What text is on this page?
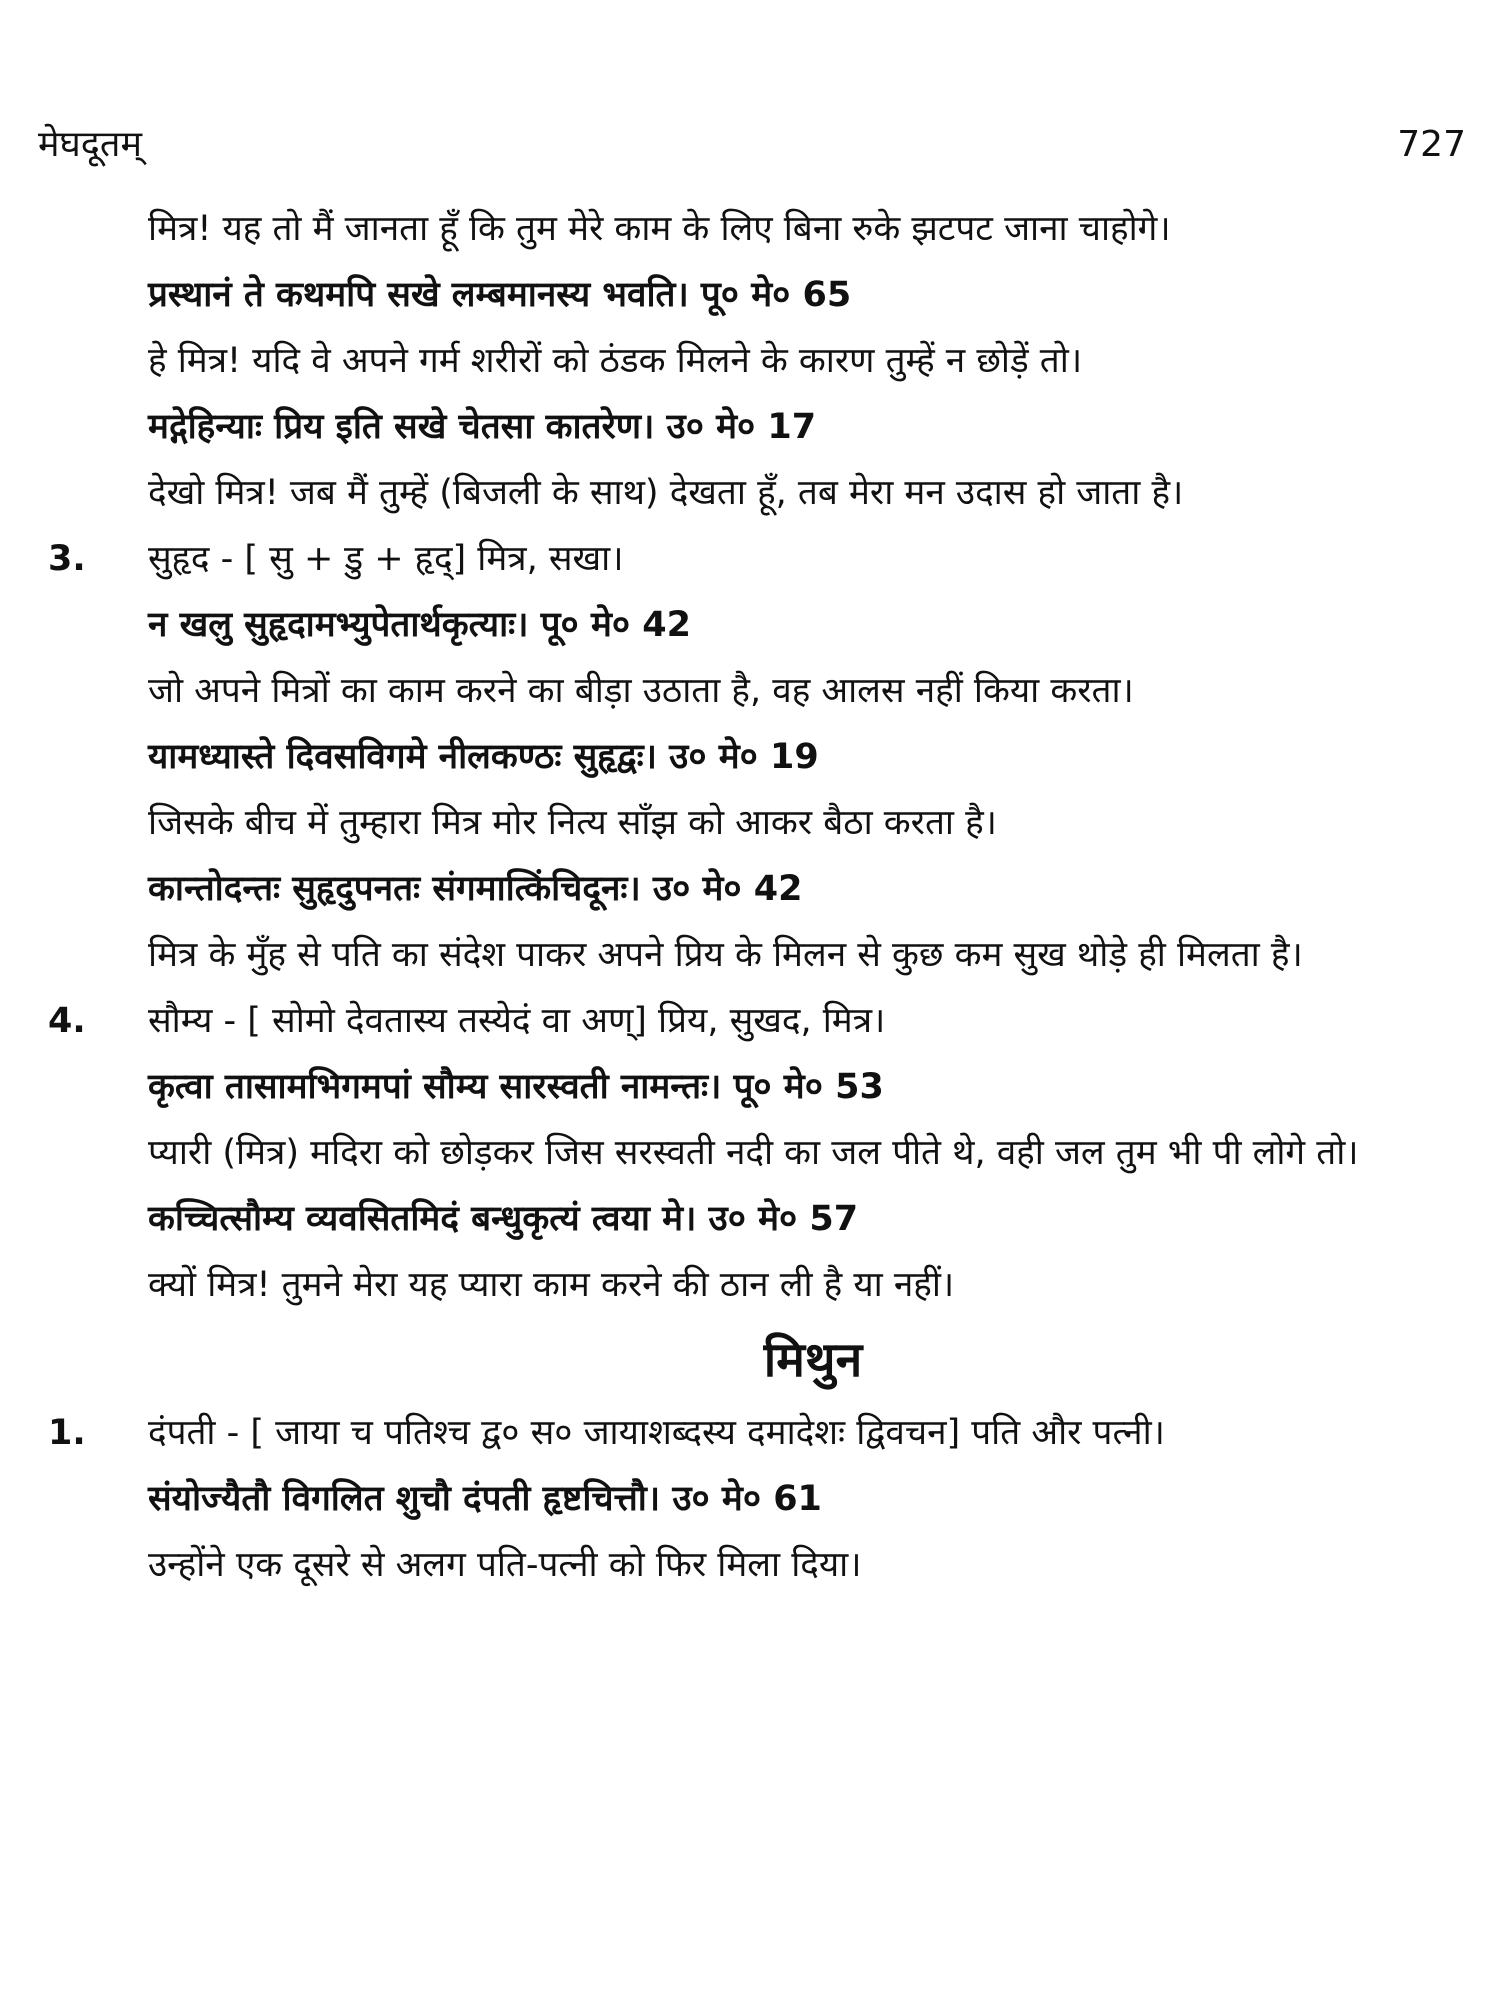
मेघदूतम्	727

मित्र! यह तो मैं जानता हूँ कि तुम मेरे काम के लिए बिना रुके झटपट जाना चाहोगे।

प्रस्थानं ते कथमपि सखे लम्बमानस्य भवति। पू० मे० 65

हे मित्र! यदि वे अपने गर्म शरीरों को ठंडक मिलने के कारण तुम्हें न छोड़ें तो।

मद्गेहिन्याः प्रिय इति सखे चेतसा कातरेण। उ० मे० 17

देखो मित्र! जब मैं तुम्हें (बिजली के साथ) देखता हूँ, तब मेरा मन उदास हो जाता है।

3. सुहृद - [ सु + डु + हृद्] मित्र, सखा।

न खलु सुहृदामभ्युपेतार्थकृत्याः। पू० मे० 42

जो अपने मित्रों का काम करने का बीड़ा उठाता है, वह आलस नहीं किया करता।

यामध्यास्ते दिवसविगमे नीलकण्ठः सुहृद्वः। उ० मे० 19

जिसके बीच में तुम्हारा मित्र मोर नित्य साँझ को आकर बैठा करता है।

कान्तोदन्तः सुहृदुपनतः संगमात्किंचिदूनः। उ० मे० 42

मित्र के मुँह से पति का संदेश पाकर अपने प्रिय के मिलन से कुछ कम सुख थोड़े ही मिलता है।

4. सौम्य - [ सोमो देवतास्य तस्येदं वा अण्] प्रिय, सुखद, मित्र।

कृत्वा तासामभिगमपां सौम्य सारस्वती नामन्तः। पू० मे० 53

प्यारी (मित्र) मदिरा को छोड़कर जिस सरस्वती नदी का जल पीते थे, वही जल तुम भी पी लोगे तो।

कच्चित्सौम्य व्यवसितमिदं बन्धुकृत्यं त्वया मे। उ० मे० 57

क्यों मित्र! तुमने मेरा यह प्यारा काम करने की ठान ली है या नहीं।

मिथुन

1. दंपती - [ जाया च पतिश्च द्व० स० जायाशब्दस्य दमादेशः द्विवचन] पति और पत्नी।

संयोज्यैतौ विगलित शुचौ दंपती हृष्टचित्तौ। उ० मे० 61

उन्होंने एक दूसरे से अलग पति-पत्नी को फिर मिला दिया।
